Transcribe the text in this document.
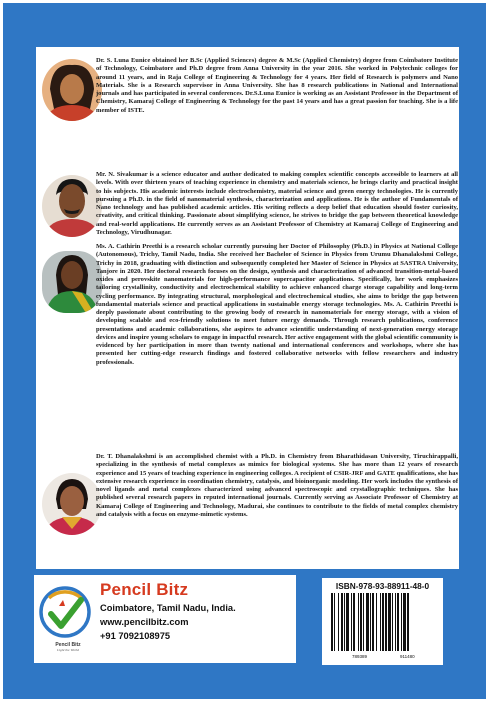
Dr. S. Luna Eunice obtained her B.Sc (Applied Sciences) degree & M.Sc (Applied Chemistry) degree from Coimbatore Institute of Technology, Coimbatore and Ph.D degree from Anna University in the year 2016. She worked in Polytechnic colleges for around 11 years, and in Raja College of Engineering & Technology for 4 years. Her field of Research is polymers and Nano Materials. She is a Research supervisor in Anna University. She has 8 research publications in National and International journals and has participated in several conferences. Dr.S.Luna Eunice is working as an Assistant Professor in the Department of Chemistry, Kamaraj College of Engineering & Technology for the past 14 years and has a great passion for teaching. She is a life member of ISTE.

Mr. N. Sivakumar is a science educator and author dedicated to making complex scientific concepts accessible to learners at all levels. With over thirteen years of teaching experience in chemistry and materials science, he brings clarity and practical insight to his subjects. His academic interests include electrochemistry, material science and green energy technologies. He is currently pursuing a Ph.D. in the field of nanomaterial synthesis, characterization and applications. He is the author of Fundamentals of Nano technology and has published academic articles. His writing reflects a deep belief that education should foster curiosity, creativity, and critical thinking. Passionate about simplifying science, he strives to bridge the gap between theoretical knowledge and real-world applications. He currently serves as an Assistant Professor of Chemistry at Kamaraj College of Engineering and Technology, Virudhunagar.

Ms. A. Cathirin Preethi is a research scholar currently pursuing her Doctor of Philosophy (Ph.D.) in Physics at National College (Autonomous), Trichy, Tamil Nadu, India. She received her Bachelor of Science in Physics from Urumu Dhanalakshmi College, Trichy in 2018, graduating with distinction and subsequently completed her Master of Science in Physics at SASTRA University, Tanjore in 2020. Her doctoral research focuses on the design, synthesis and characterization of advanced transition-metal-based oxides and perovskite nanomaterials for high-performance supercapacitor applications. Specifically, her work emphasizes tailoring crystallinity, conductivity and electrochemical stability to achieve enhanced charge storage capability and long-term cycling performance. By integrating structural, morphological and electrochemical studies, she aims to bridge the gap between fundamental materials science and practical applications in sustainable energy storage technologies. Ms. A. Cathirin Preethi is deeply passionate about contributing to the growing body of research in nanomaterials for energy storage, with a vision of developing scalable and eco-friendly solutions to meet future energy demands. Through research publications, conference presentations and academic collaborations, she aspires to advance scientific understanding of next-generation energy storage devices and inspire young scholars to engage in impactful research. Her active engagement with the global scientific community is evidenced by her participation in more than twenty national and international conferences and workshops, where she has presented her cutting-edge research findings and fostered collaborative networks with fellow researchers and industry professionals.

Dr. T. Dhanalakshmi is an accomplished chemist with a Ph.D. in Chemistry from Bharathidasan University, Tiruchirappalli, specializing in the synthesis of metal complexes as mimics for biological systems. She has more than 12 years of research experience and 15 years of teaching experience in engineering colleges. A recipient of CSIR-JRF and GATE qualifications, she has extensive research experience in coordination chemistry, catalysis, and bioinorganic modeling. Her work includes the synthesis of novel ligands and metal complexes characterized using advanced spectroscopic and crystallographic techniques. She has published several research papers in reputed international journals. Currently serving as Associate Professor of Chemistry at Kamaraj College of Engineering and Technology, Madurai, she continues to contribute to the fields of metal complex chemistry and catalysis with a focus on enzyme-mimetic systems.

Pencil Bitz
Light the World
Pencil Bitz
Coimbatore, Tamil Nadu, India.
www.pencilbitz.com
+91 7092108975
ISBN-978-93-88911-48-0
789389	911480
